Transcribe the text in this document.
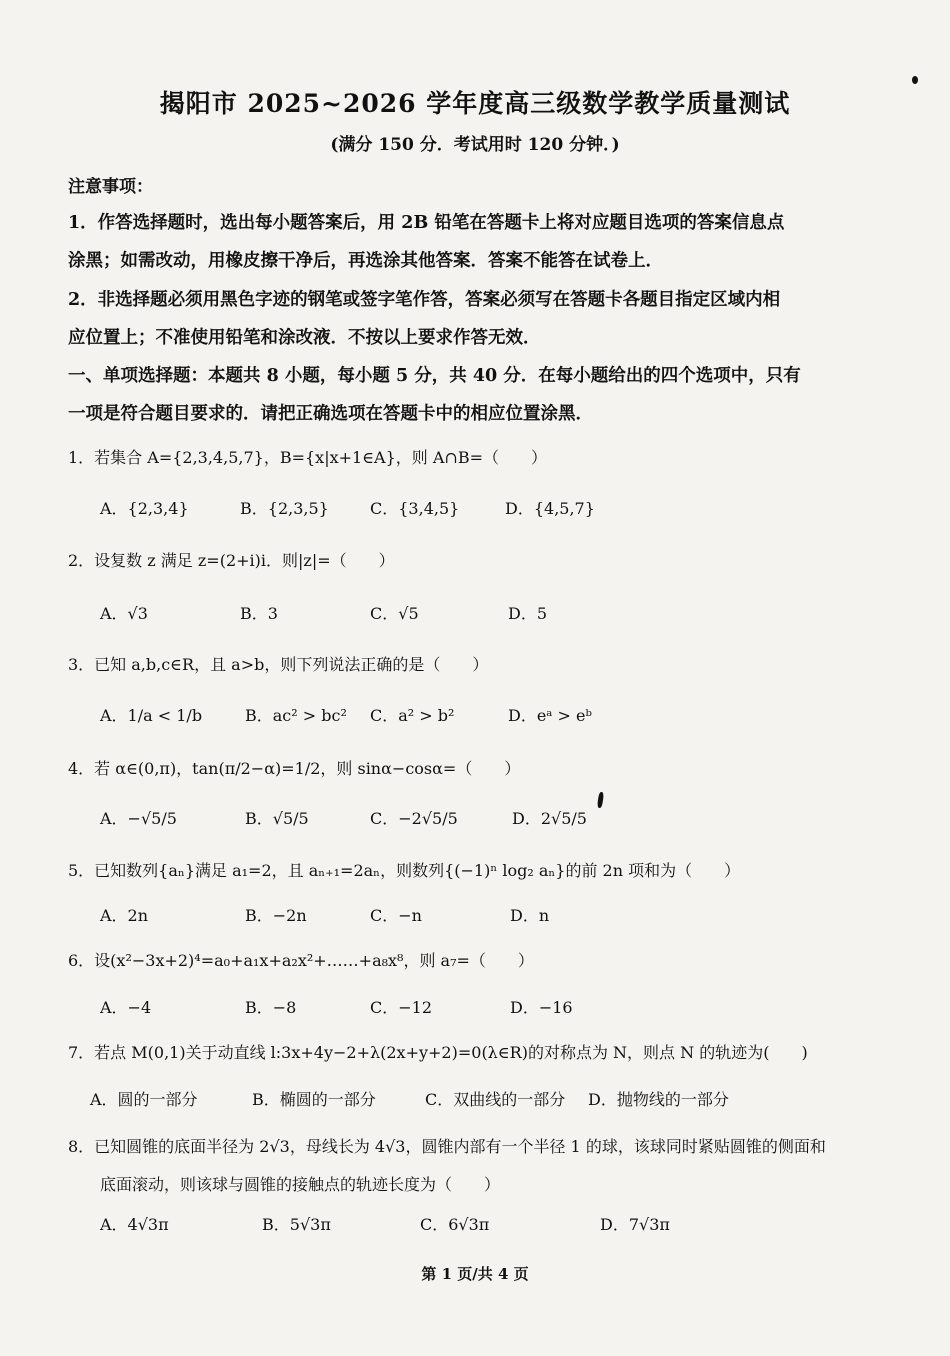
揭阳市 2025~2026 学年度高三级数学教学质量测试
(满分 150 分．考试用时 120 分钟．)
注意事项：
1．作答选择题时，选出每小题答案后，用 2B 铅笔在答题卡上将对应题目选项的答案信息点
涂黑；如需改动，用橡皮擦干净后，再选涂其他答案．答案不能答在试卷上．
2．非选择题必须用黑色字迹的钢笔或签字笔作答，答案必须写在答题卡各题目指定区域内相
应位置上；不准使用铅笔和涂改液．不按以上要求作答无效．
一、单项选择题：本题共 8 小题，每小题 5 分，共 40 分．在每小题给出的四个选项中，只有
一项是符合题目要求的．请把正确选项在答题卡中的相应位置涂黑．
1．若集合 A={2,3,4,5,7}，B={x|x+1∈A}，则 A∩B=（　　）
A．{2,3,4}	B．{2,3,5}	C．{3,4,5}	D．{4,5,7}
2．设复数 z 满足 z=(2+i)i．则|z|=（　　）
A．√3	B．3	C．√5	D．5
3．已知 a,b,c∈R，且 a>b，则下列说法正确的是（　　）
A．1/a < 1/b	B．ac² > bc² C．a² > b²	D．eᵃ > eᵇ
4．若 α∈(0,π)，tan(π/2−α)=1/2，则 sinα−cosα=（　　）
A．−√5/5	B．√5/5	C．−2√5/5	D．2√5/5
5．已知数列{aₙ}满足 a₁=2，且 aₙ₊₁=2aₙ，则数列{(−1)ⁿ log₂ aₙ}的前 2n 项和为（　　）
A．2n	B．−2n	C．−n	D．n
6．设(x²−3x+2)⁴=a₀+a₁x+a₂x²+……+a₈x⁸，则 a₇=（　　）
A．−4	B．−8	C．−12	D．−16
7．若点 M(0,1)关于动直线 l:3x+4y−2+λ(2x+y+2)=0(λ∈R)的对称点为 N，则点 N 的轨迹为(　　)
A．圆的一部分	B．椭圆的一部分	C．双曲线的一部分 D．抛物线的一部分
8．已知圆锥的底面半径为 2√3，母线长为 4√3，圆锥内部有一个半径 1 的球，该球同时紧贴圆锥的侧面和
底面滚动，则该球与圆锥的接触点的轨迹长度为（　　）
A．4√3π	B．5√3π	C．6√3π	D．7√3π
第 1 页/共 4 页
